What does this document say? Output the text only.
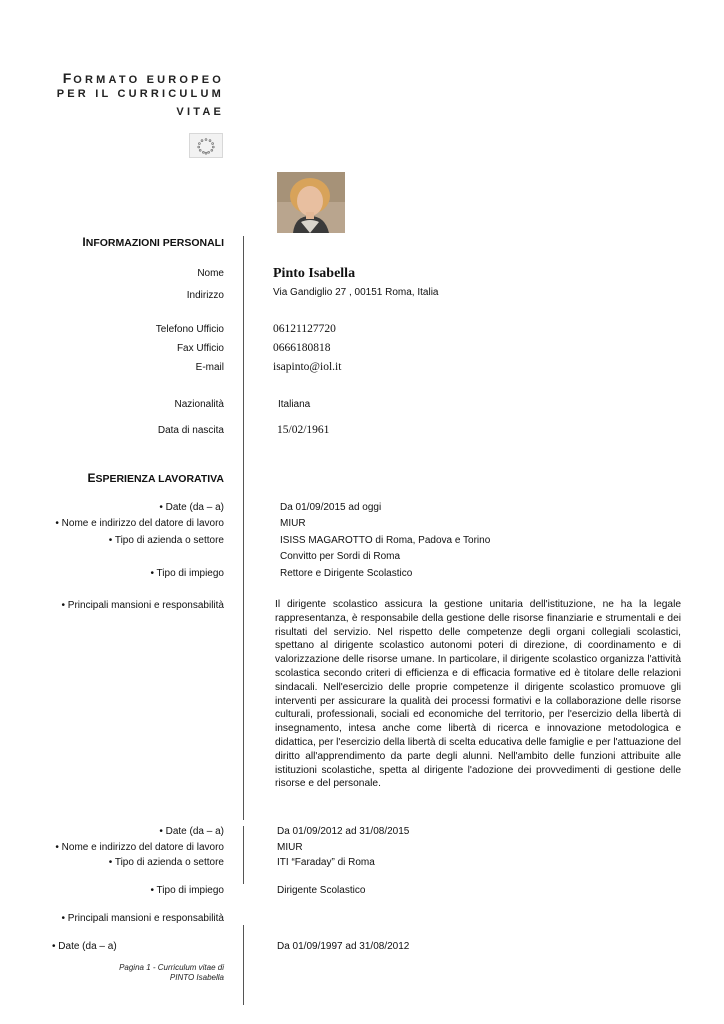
FORMATO EUROPEO
PER IL CURRICULUM
VITAE
INFORMAZIONI PERSONALI
Nome	Pinto Isabella
Indirizzo	Via Gandiglio 27 , 00151 Roma, Italia
Telefono Ufficio	06121127720
Fax Ufficio	0666180818
E-mail	isapinto@iol.it
Nazionalità	Italiana
Data di nascita	15/02/1961
ESPERIENZA LAVORATIVA
• Date (da – a)	Da 01/09/2015 ad oggi
• Nome e indirizzo del datore di lavoro	MIUR
• Tipo di azienda o settore	ISISS MAGAROTTO di Roma, Padova e Torino
Convitto per Sordi di Roma
• Tipo di impiego	Rettore e Dirigente Scolastico
• Principali mansioni e responsabilità	Il dirigente scolastico assicura la gestione unitaria dell'istituzione, ne ha la legale rappresentanza, è responsabile della gestione delle risorse finanziarie e strumentali e dei risultati del servizio. Nel rispetto delle competenze degli organi collegiali scolastici, spettano al dirigente scolastico autonomi poteri di direzione, di coordinamento e di valorizzazione delle risorse umane. In particolare, il dirigente scolastico organizza l'attività scolastica secondo criteri di efficienza e di efficacia formative ed è titolare delle relazioni sindacali. Nell'esercizio delle proprie competenze il dirigente scolastico promuove gli interventi per assicurare la qualità dei processi formativi e la collaborazione delle risorse culturali, professionali, sociali ed economiche del territorio, per l'esercizio della libertà di insegnamento, intesa anche come libertà di ricerca e innovazione metodologica e didattica, per l'esercizio della libertà di scelta educativa delle famiglie e per l'attuazione del diritto all'apprendimento da parte degli alunni. Nell'ambito delle funzioni attribuite alle istituzioni scolastiche, spetta al dirigente l'adozione dei provvedimenti di gestione delle risorse e del personale.
• Date (da – a)	Da 01/09/2012 ad 31/08/2015
• Nome e indirizzo del datore di lavoro	MIUR
• Tipo di azienda o settore	ITI “Faraday” di Roma
• Tipo di impiego	Dirigente Scolastico
• Principali mansioni e responsabilità
• Date (da – a)	Da 01/09/1997 ad 31/08/2012
Pagina 1 - Curriculum vitae di
PINTO Isabella
